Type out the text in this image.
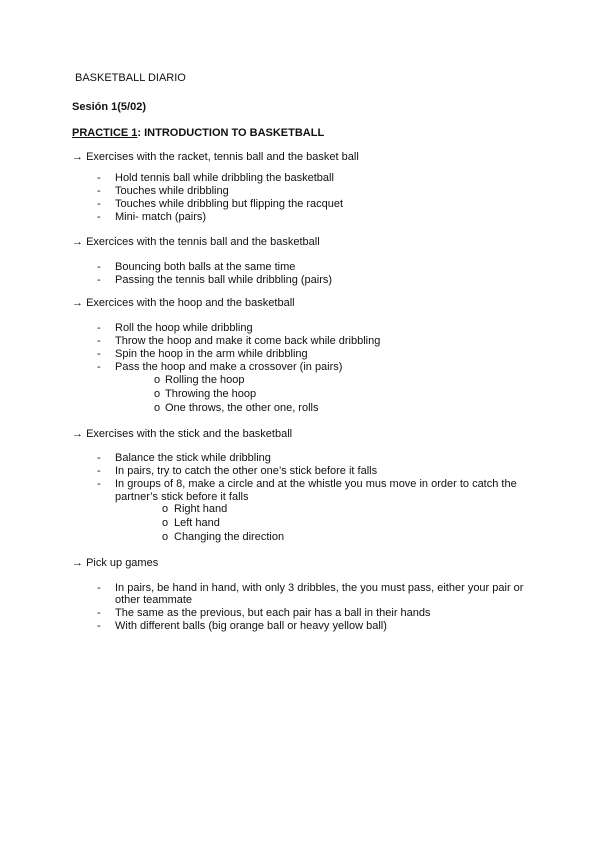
BASKETBALL DIARIO
Sesión 1(5/02)
PRACTICE 1: INTRODUCTION TO BASKETBALL
→ Exercises with the racket, tennis ball and the basket ball
- Hold tennis ball while dribbling the basketball
- Touches while dribbling
- Touches while dribbling but flipping the racquet
- Mini- match (pairs)
→ Exercices with the tennis ball and the basketball
- Bouncing both balls at the same time
- Passing the tennis ball while dribbling (pairs)
→ Exercices with the hoop and the basketball
- Roll the hoop while dribbling
- Throw the hoop and make it come back while dribbling
- Spin the hoop in the arm while dribbling
- Pass the hoop and make a crossover (in pairs)
o Rolling the hoop
o Throwing the hoop
o One throws, the other one, rolls
→ Exercises with the stick and the basketball
- Balance the stick while dribbling
- In pairs, try to catch the other one’s stick before it falls
- In groups of 8, make a circle and at the whistle you mus move in order to catch the
partner’s stick before it falls
o Right hand
o Left hand
o Changing the direction
→ Pick up games
- In pairs, be hand in hand, with only 3 dribbles, the you must pass, either your pair or
other teammate
- The same as the previous, but each pair has a ball in their hands
- With different balls (big orange ball or heavy yellow ball)
